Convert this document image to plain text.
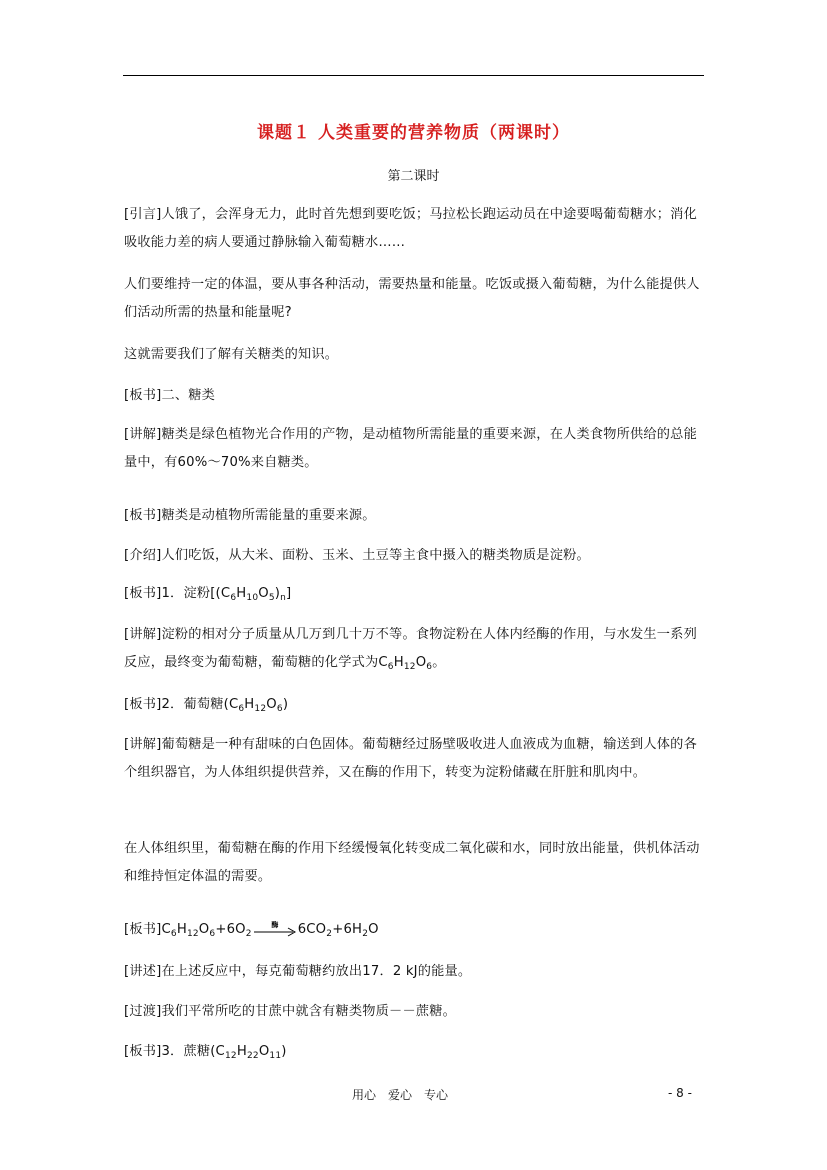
课题１ 人类重要的营养物质（两课时）

第二课时

[引言]人饿了，会浑身无力，此时首先想到要吃饭；马拉松长跑运动员在中途要喝葡萄糖水；消化吸收能力差的病人要通过静脉输入葡萄糖水……

人们要维持一定的体温，要从事各种活动，需要热量和能量。吃饭或摄入葡萄糖，为什么能提供人们活动所需的热量和能量呢?

这就需要我们了解有关糖类的知识。

[板书]二、糖类

[讲解]糖类是绿色植物光合作用的产物，是动植物所需能量的重要来源，在人类食物所供给的总能量中，有60%～70%来自糖类。

[板书]糖类是动植物所需能量的重要来源。

[介绍]人们吃饭，从大米、面粉、玉米、土豆等主食中摄入的糖类物质是淀粉。

[板书]1．淀粉$[(C_6H_{10}O_5)_n]$

[讲解]淀粉的相对分子质量从几万到几十万不等。食物淀粉在人体内经酶的作用，与水发生一系列反应，最终变为葡萄糖，葡萄糖的化学式为$C_6H_{12}O_6$。

[板书]2．葡萄糖$(C_6H_{12}O_6)$

[讲解]葡萄糖是一种有甜味的白色固体。葡萄糖经过肠壁吸收进人血液成为血糖，输送到人体的各个组织器官，为人体组织提供营养，又在酶的作用下，转变为淀粉储藏在肝脏和肌肉中。

在人体组织里，葡萄糖在酶的作用下经缓慢氧化转变成二氧化碳和水，同时放出能量，供机体活动和维持恒定体温的需要。

[板书]$C_6H_{12}O_6+6O_2$
酶 $6CO_2+6H_2O$

[讲述]在上述反应中，每克葡萄糖约放出17．2 kJ的能量。

[过渡]我们平常所吃的甘蔗中就含有糖类物质－－蔗糖。

[板书]3．蔗糖$(C_{12}H_{22}O_{11})$

用心　爱心　专心	- 8 -
